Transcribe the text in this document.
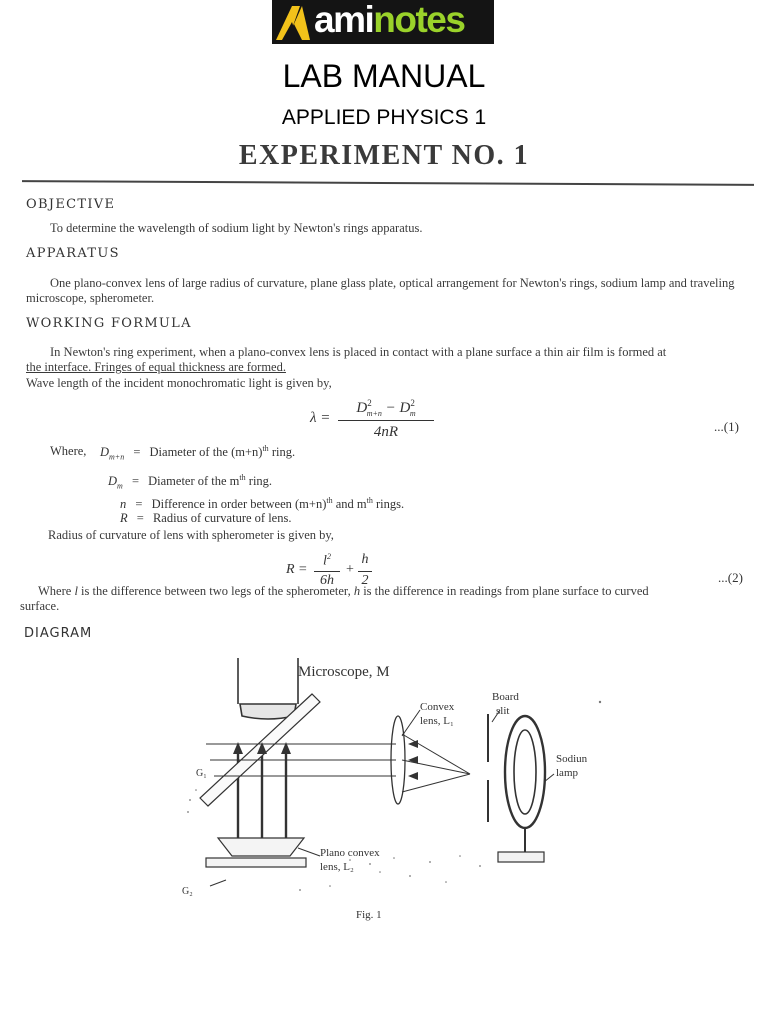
aminotes
LAB MANUAL
APPLIED PHYSICS 1
EXPERIMENT NO. 1
OBJECTIVE
To determine the wavelength of sodium light by Newton's rings apparatus.
APPARATUS
One plano-convex lens of large radius of curvature, plane glass plate, optical arrangement for Newton's rings, sodium lamp and traveling microscope, spherometer.
WORKING FORMULA
In Newton's ring experiment, when a plano-convex lens is placed in contact with a plane surface a thin air film is formed at
the interface. Fringes of equal thickness are formed.
Wave length of the incident monochromatic light is given by,
λ =
$D^2_{m+n} - D^2_m$
4nR	...(1)
Where, $D_{m+n}$ = Diameter of the $(m+n)^{th}$ ring.
$D_m$ = Diameter of the $m^{th}$ ring.
n = Difference in order between $(m+n)^{th}$ and $m^{th}$ rings.
R = Radius of curvature of lens.
Radius of curvature of lens with spherometer is given by,
R =
$l^2$
6h
+
h
2	...(2)
Where l is the difference between two legs of the spherometer, h is the difference in readings from plane surface to curved
surface.
DIAGRAM
Microscope, M
Convex
lens, L₁
Board
slit
Sodiun
lamp
Plano convex
lens, L₂
G₁
G₂
Fig. 1
